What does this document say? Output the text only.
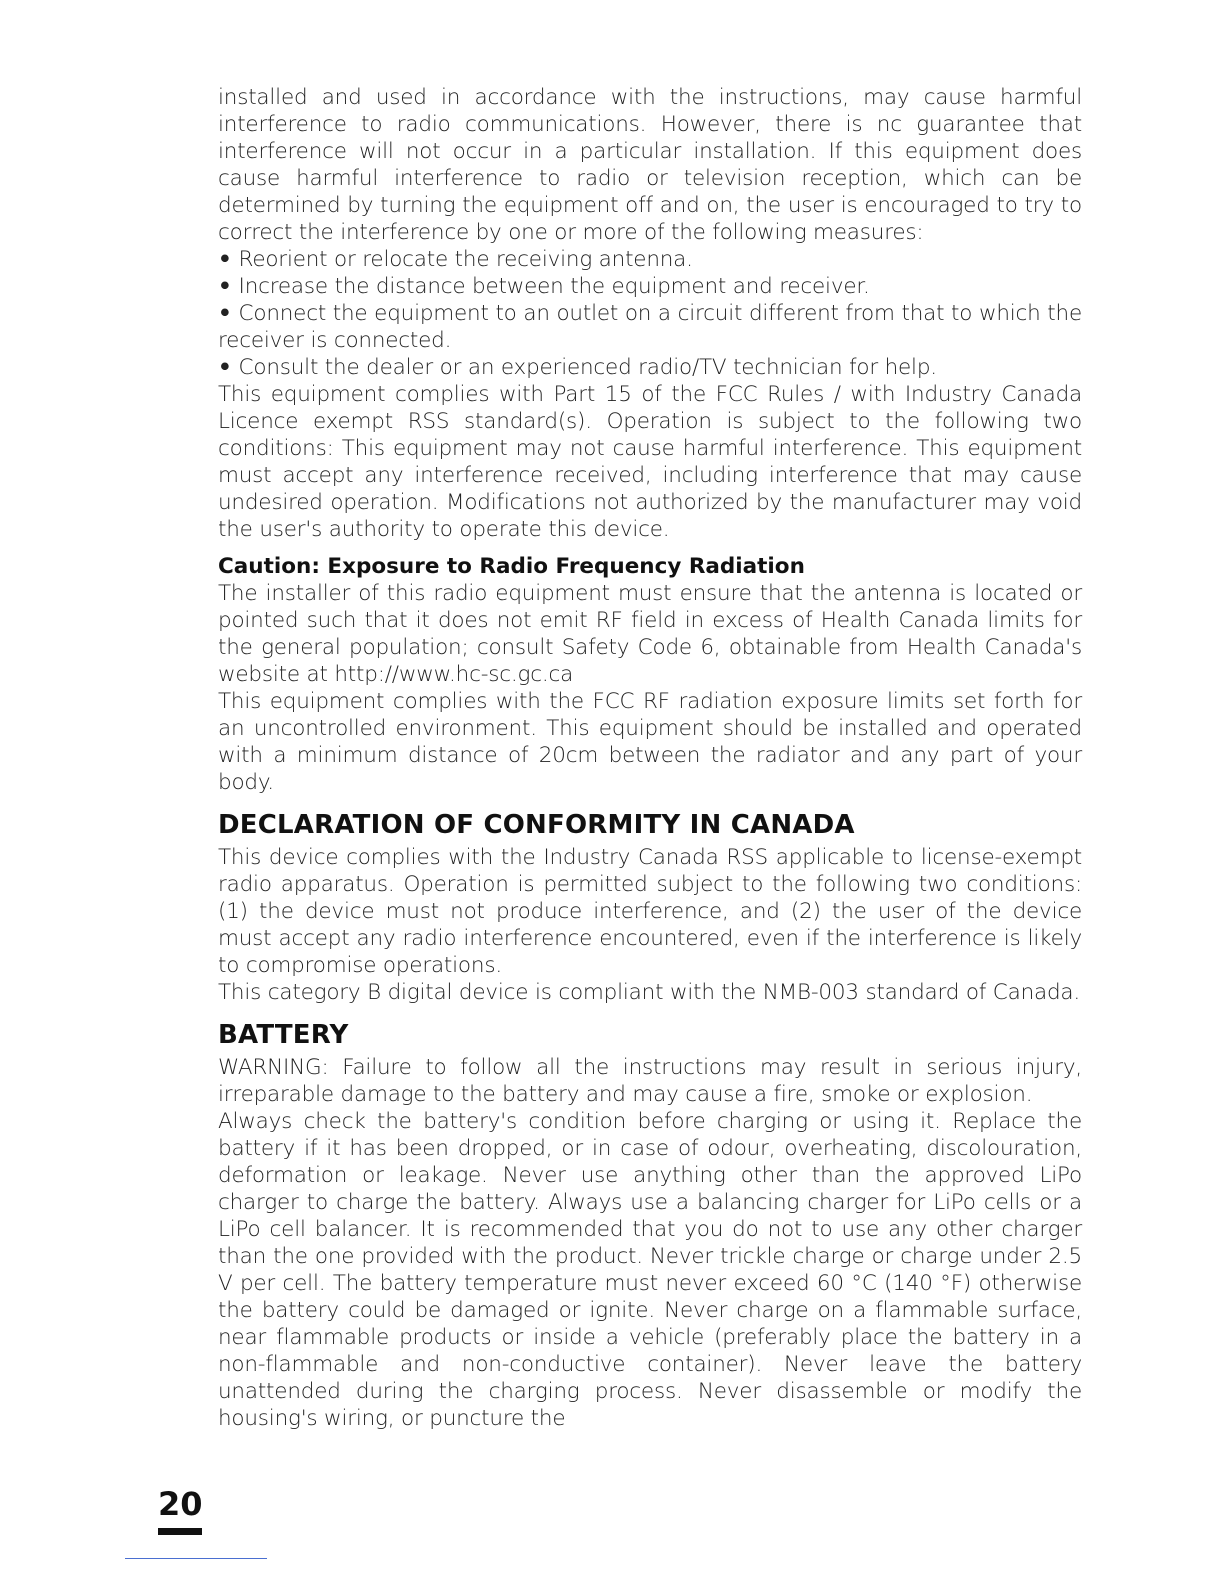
installed and used in accordance with the instructions, may cause harmful interference to radio communications. However, there is nc guarantee that interference will not occur in a particular installation. If this equipment does cause harmful interference to radio or television reception, which can be determined by turning the equipment off and on, the user is encouraged to try to correct the interference by one or more of the following measures:

• Reorient or relocate the receiving antenna.

• Increase the distance between the equipment and receiver.

• Connect the equipment to an outlet on a circuit different from that to which the receiver is connected.

• Consult the dealer or an experienced radio/TV technician for help.

This equipment complies with Part 15 of the FCC Rules / with Industry Canada Licence exempt RSS standard(s). Operation is subject to the following two conditions: This equipment may not cause harmful interference. This equipment must accept any interference received, including interference that may cause undesired operation. Modifications not authorized by the manufacturer may void the user's authority to operate this device.

Caution: Exposure to Radio Frequency Radiation

The installer of this radio equipment must ensure that the antenna is located or pointed such that it does not emit RF field in excess of Health Canada limits for the general population; consult Safety Code 6, obtainable from Health Canada's website at http://www.hc-sc.gc.ca

This equipment complies with the FCC RF radiation exposure limits set forth for an uncontrolled environment. This equipment should be installed and operated with a minimum distance of 20cm between the radiator and any part of your body.

DECLARATION OF CONFORMITY IN CANADA

This device complies with the Industry Canada RSS applicable to license-exempt radio apparatus. Operation is permitted subject to the following two conditions: (1) the device must not produce interference, and (2) the user of the device must accept any radio interference encountered, even if the interference is likely to compromise operations.

This category B digital device is compliant with the NMB-003 standard of Canada.

BATTERY

WARNING: Failure to follow all the instructions may result in serious injury, irreparable damage to the battery and may cause a fire, smoke or explosion.

Always check the battery's condition before charging or using it. Replace the battery if it has been dropped, or in case of odour, overheating, discolouration, deformation or leakage. Never use anything other than the approved LiPo charger to charge the battery. Always use a balancing charger for LiPo cells or a LiPo cell balancer. It is recommended that you do not to use any other charger than the one provided with the product. Never trickle charge or charge under 2.5 V per cell. The battery temperature must never exceed 60 °C (140 °F) otherwise the battery could be damaged or ignite. Never charge on a flammable surface, near flammable products or inside a vehicle (preferably place the battery in a non-flammable and non-conductive container). Never leave the battery unattended during the charging process. Never disassemble or modify the housing's wiring, or puncture the

20
